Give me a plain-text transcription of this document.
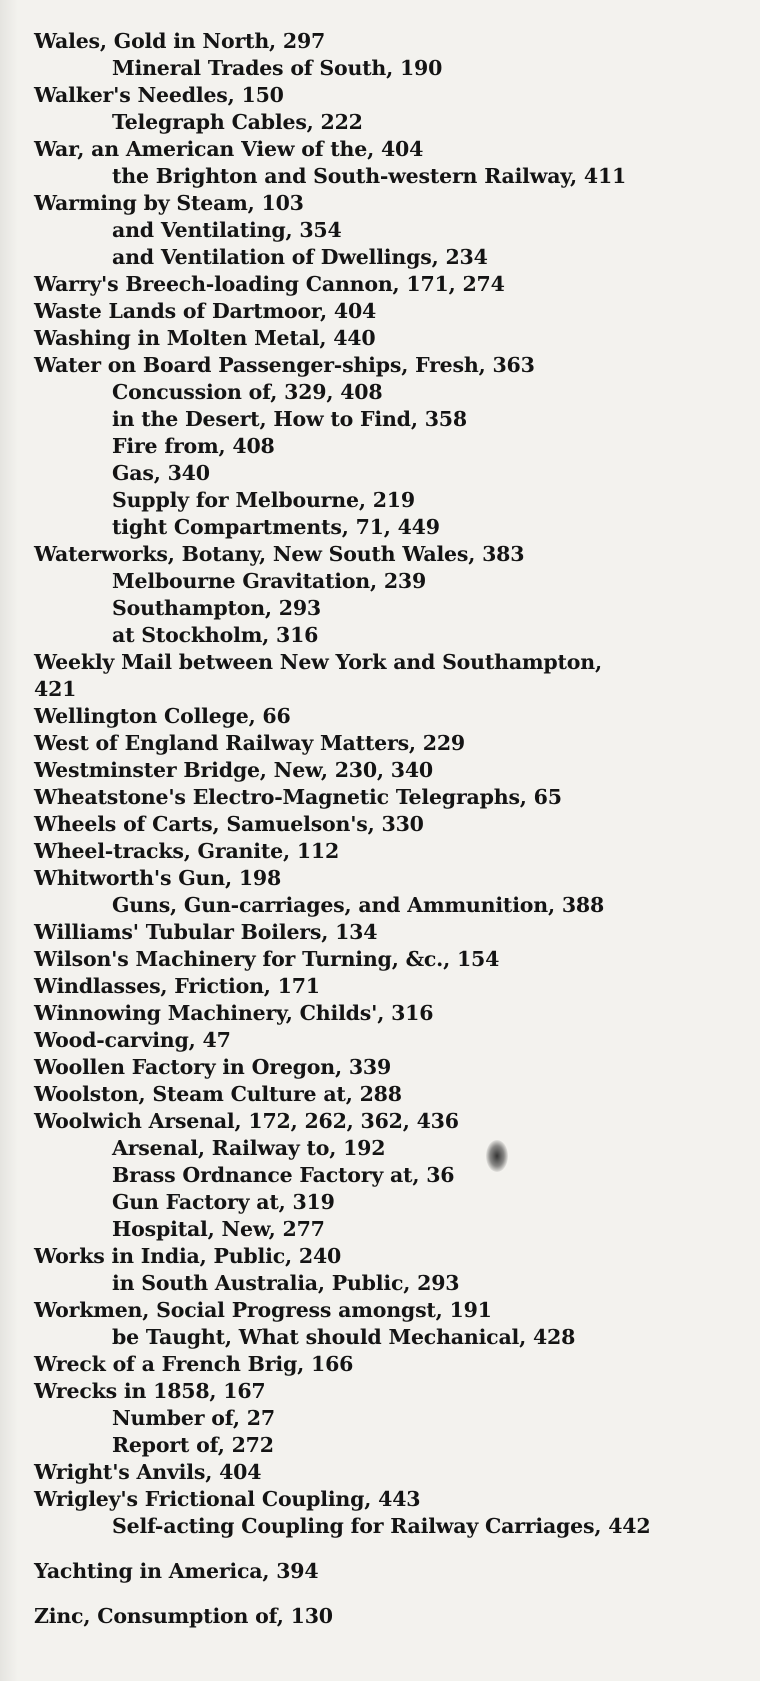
Wales, Gold in North, 297
Mineral Trades of South, 190
Walker's Needles, 150
Telegraph Cables, 222
War, an American View of the, 404
the Brighton and South-western Railway, 411
Warming by Steam, 103
and Ventilating, 354
and Ventilation of Dwellings, 234
Warry's Breech-loading Cannon, 171, 274
Waste Lands of Dartmoor, 404
Washing in Molten Metal, 440
Water on Board Passenger-ships, Fresh, 363
Concussion of, 329, 408
in the Desert, How to Find, 358
Fire from, 408
Gas, 340
Supply for Melbourne, 219
tight Compartments, 71, 449
Waterworks, Botany, New South Wales, 383
Melbourne Gravitation, 239
Southampton, 293
at Stockholm, 316
Weekly Mail between New York and Southampton,
421
Wellington College, 66
West of England Railway Matters, 229
Westminster Bridge, New, 230, 340
Wheatstone's Electro-Magnetic Telegraphs, 65
Wheels of Carts, Samuelson's, 330
Wheel-tracks, Granite, 112
Whitworth's Gun, 198
Guns, Gun-carriages, and Ammunition, 388
Williams' Tubular Boilers, 134
Wilson's Machinery for Turning, &c., 154
Windlasses, Friction, 171
Winnowing Machinery, Childs', 316
Wood-carving, 47
Woollen Factory in Oregon, 339
Woolston, Steam Culture at, 288
Woolwich Arsenal, 172, 262, 362, 436
Arsenal, Railway to, 192
Brass Ordnance Factory at, 36
Gun Factory at, 319
Hospital, New, 277
Works in India, Public, 240
in South Australia, Public, 293
Workmen, Social Progress amongst, 191
be Taught, What should Mechanical, 428
Wreck of a French Brig, 166
Wrecks in 1858, 167
Number of, 27
Report of, 272
Wright's Anvils, 404
Wrigley's Frictional Coupling, 443
Self-acting Coupling for Railway Carriages, 442
Yachting in America, 394
Zinc, Consumption of, 130
